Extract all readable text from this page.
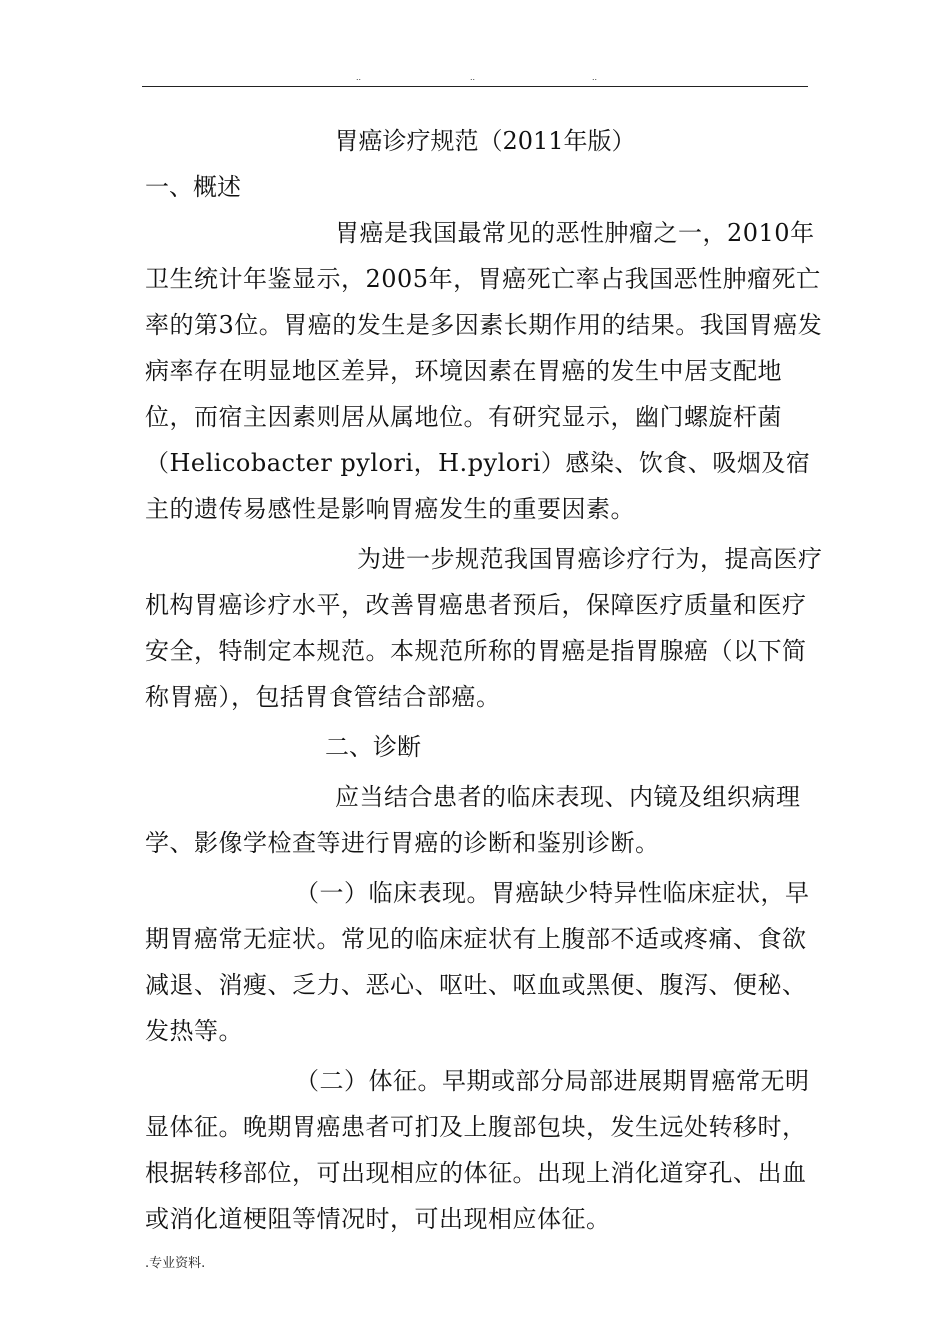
..	..	..

胃癌诊疗规范（2011年版）

一、概述

胃癌是我国最常见的恶性肿瘤之一，2010年卫生统计年鉴显示，2005年，胃癌死亡率占我国恶性肿瘤死亡率的第3位。胃癌的发生是多因素长期作用的结果。我国胃癌发病率存在明显地区差异，环境因素在胃癌的发生中居支配地位，而宿主因素则居从属地位。有研究显示，幽门螺旋杆菌（Helicobacter pylori，H.pylori）感染、饮食、吸烟及宿主的遗传易感性是影响胃癌发生的重要因素。

为进一步规范我国胃癌诊疗行为，提高医疗机构胃癌诊疗水平，改善胃癌患者预后，保障医疗质量和医疗安全，特制定本规范。本规范所称的胃癌是指胃腺癌（以下简称胃癌），包括胃食管结合部癌。

二、诊断

应当结合患者的临床表现、内镜及组织病理学、影像学检查等进行胃癌的诊断和鉴别诊断。

（一）临床表现。胃癌缺少特异性临床症状，早期胃癌常无症状。常见的临床症状有上腹部不适或疼痛、食欲减退、消瘦、乏力、恶心、呕吐、呕血或黑便、腹泻、便秘、发热等。

（二）体征。早期或部分局部进展期胃癌常无明显体征。晚期胃癌患者可扪及上腹部包块，发生远处转移时，根据转移部位，可出现相应的体征。出现上消化道穿孔、出血或消化道梗阻等情况时，可出现相应体征。

.专业资料.
